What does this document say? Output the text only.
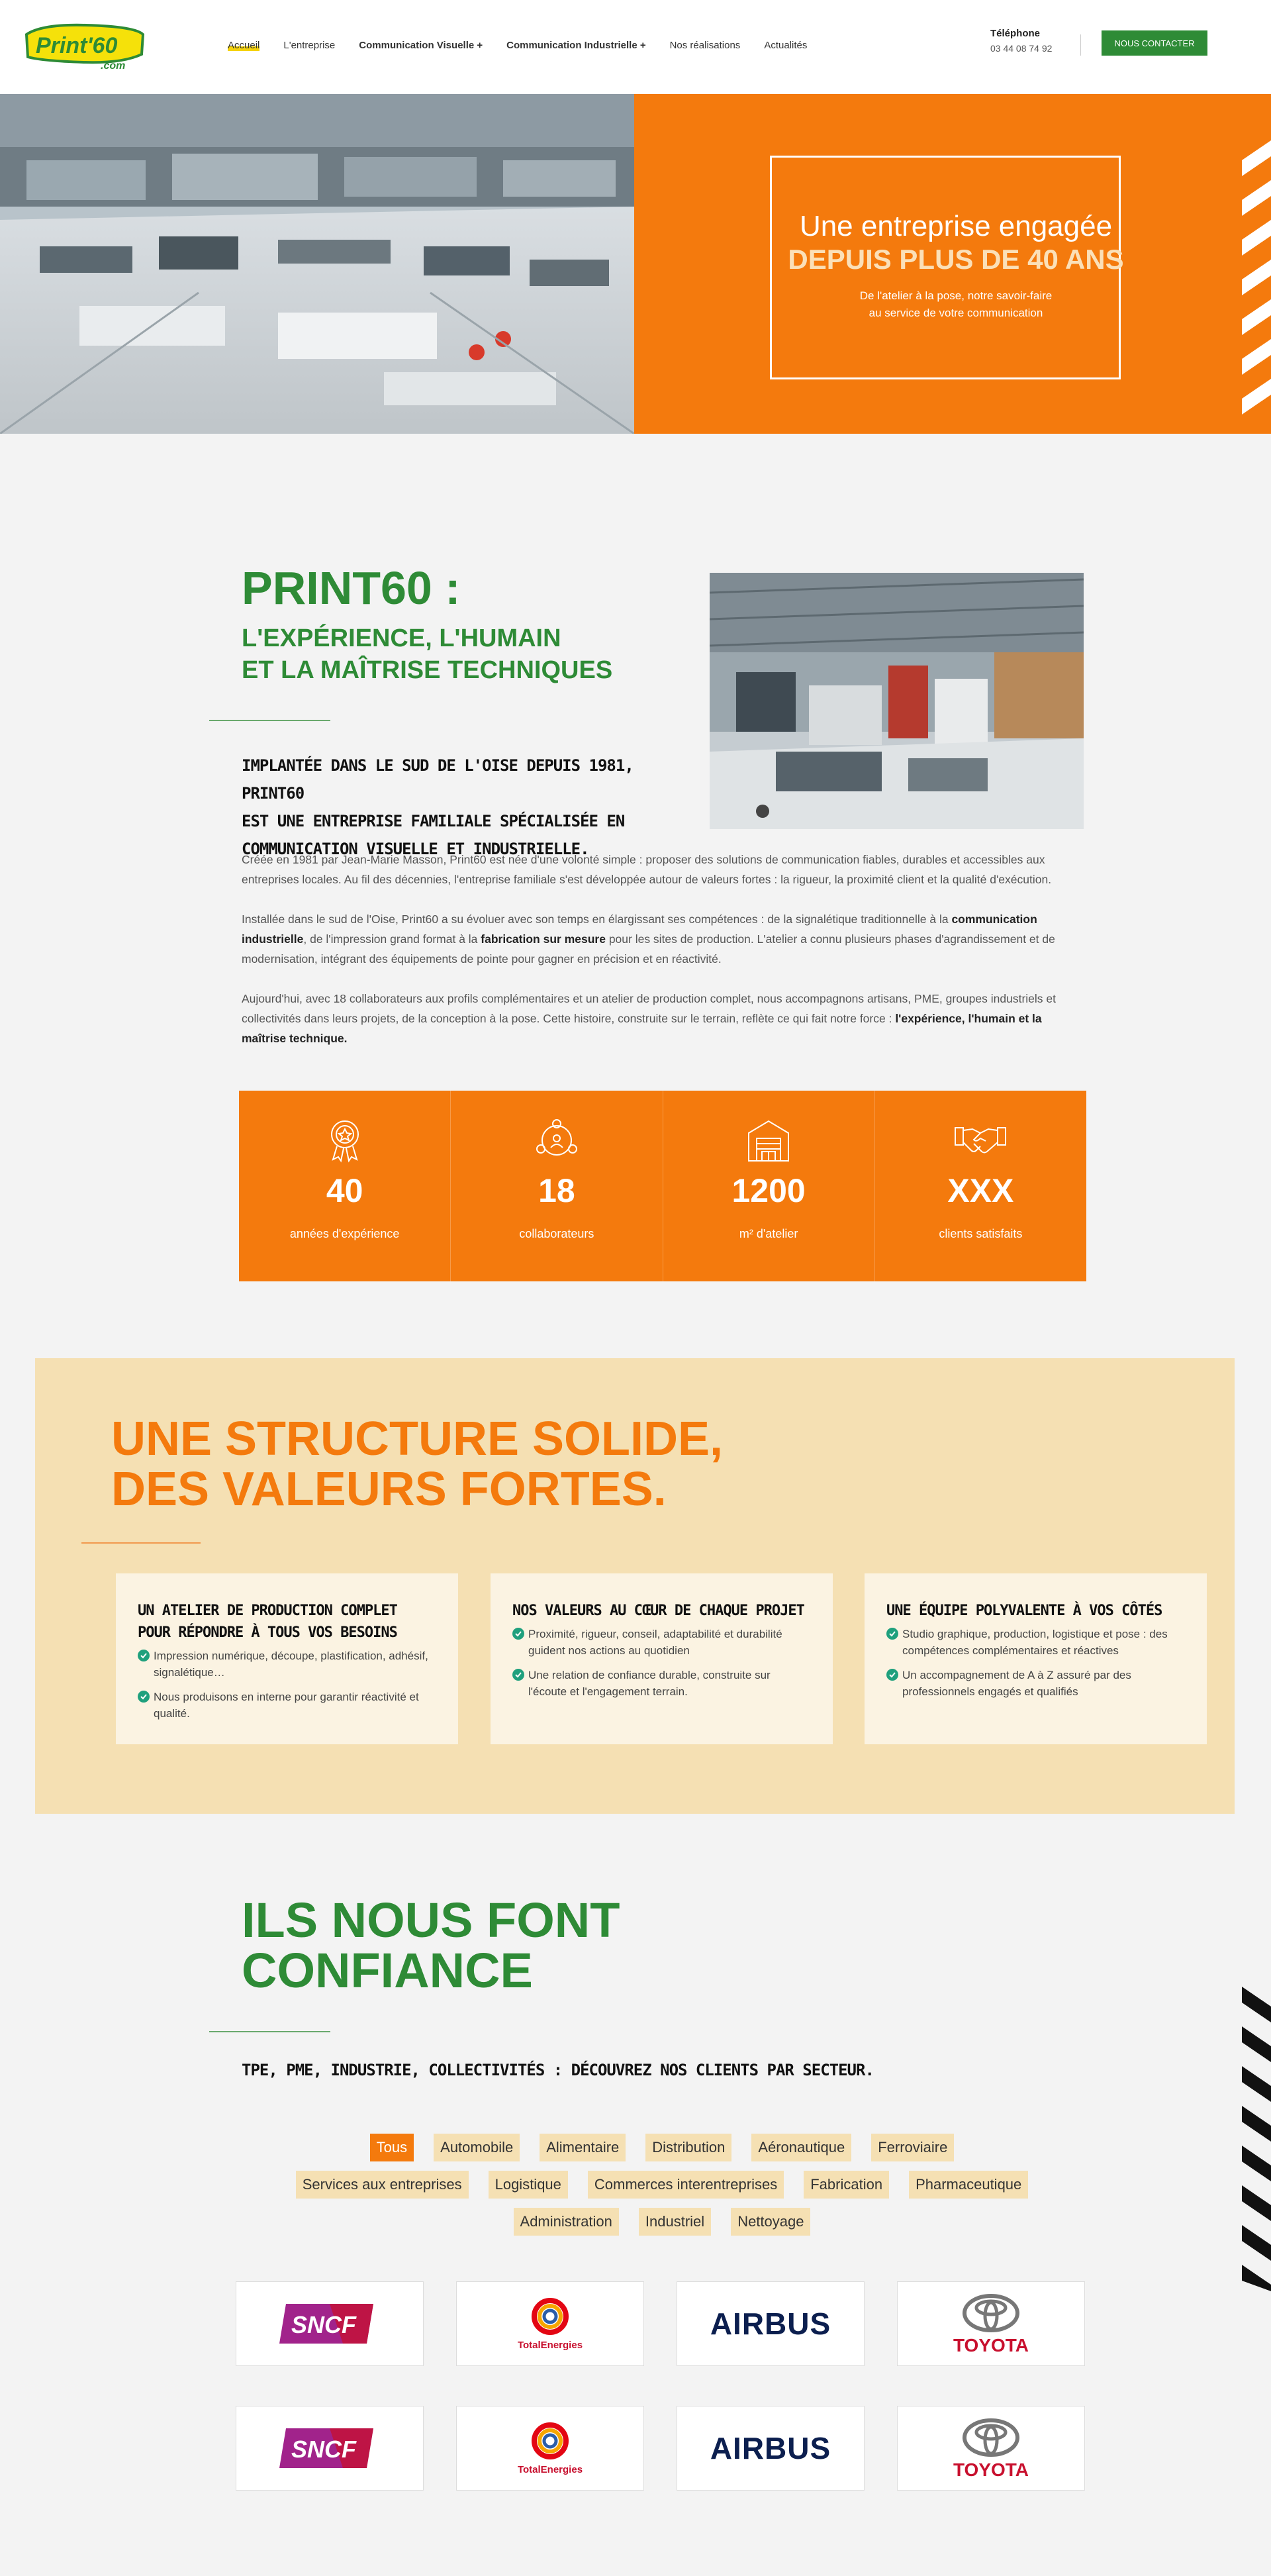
Print'60
.com
Accueil L'entreprise Communication Visuelle + Communication Industrielle + Nos réalisations Actualités
Téléphone
03 44 08 74 92	NOUS CONTACTER
Une entreprise engagée
DEPUIS PLUS DE 40 ANS
De l'atelier à la pose, notre savoir-faire
au service de votre communication
PRINT60 :
L'EXPÉRIENCE, L'HUMAIN
ET LA MAÎTRISE TECHNIQUES
IMPLANTÉE DANS LE SUD DE L'OISE DEPUIS 1981, PRINT60
EST UNE ENTREPRISE FAMILIALE SPÉCIALISÉE EN
COMMUNICATION VISUELLE ET INDUSTRIELLE.

Créée en 1981 par Jean-Marie Masson, Print60 est née d'une volonté simple : proposer des solutions de communication fiables, durables et accessibles aux entreprises locales. Au fil des décennies, l'entreprise familiale s'est développée autour de valeurs fortes : la rigueur, la proximité client et la qualité d'exécution.

Installée dans le sud de l'Oise, Print60 a su évoluer avec son temps en élargissant ses compétences : de la signalétique traditionnelle à la communication industrielle, de l'impression grand format à la fabrication sur mesure pour les sites de production. L'atelier a connu plusieurs phases d'agrandissement et de modernisation, intégrant des équipements de pointe pour gagner en précision et en réactivité.

Aujourd'hui, avec 18 collaborateurs aux profils complémentaires et un atelier de production complet, nous accompagnons artisans, PME, groupes industriels et collectivités dans leurs projets, de la conception à la pose. Cette histoire, construite sur le terrain, reflète ce qui fait notre force : l'expérience, l'humain et la maîtrise technique.

40
années d'expérience
18
collaborateurs
1200
m² d'atelier
XXX
clients satisfaits
UNE STRUCTURE SOLIDE,
DES VALEURS FORTES.
UN ATELIER DE PRODUCTION COMPLET
POUR RÉPONDRE À TOUS VOS BESOINS
Impression numérique, découpe, plastification, adhésif, signalétique…
Nous produisons en interne pour garantir réactivité et qualité.
NOS VALEURS AU CŒUR DE CHAQUE PROJET
Proximité, rigueur, conseil, adaptabilité et durabilité guident nos actions au quotidien
Une relation de confiance durable, construite sur l'écoute et l'engagement terrain.
UNE ÉQUIPE POLYVALENTE À VOS CÔTÉS
Studio graphique, production, logistique et pose : des compétences complémentaires et réactives
Un accompagnement de A à Z assuré par des professionnels engagés et qualifiés
ILS NOUS FONT
CONFIANCE
TPE, PME, INDUSTRIE, COLLECTIVITÉS : DÉCOUVREZ NOS CLIENTS PAR SECTEUR.
Tous	Automobile	Alimentaire	Distribution	Aéronautique	Ferroviaire
Services aux entreprises	Logistique	Commerces interentreprises	Fabrication	Pharmaceutique
Administration	Industriel	Nettoyage
SNCF
TotalEnergies
AIRBUS
TOYOTA
SNCF
TotalEnergies
AIRBUS
TOYOTA
